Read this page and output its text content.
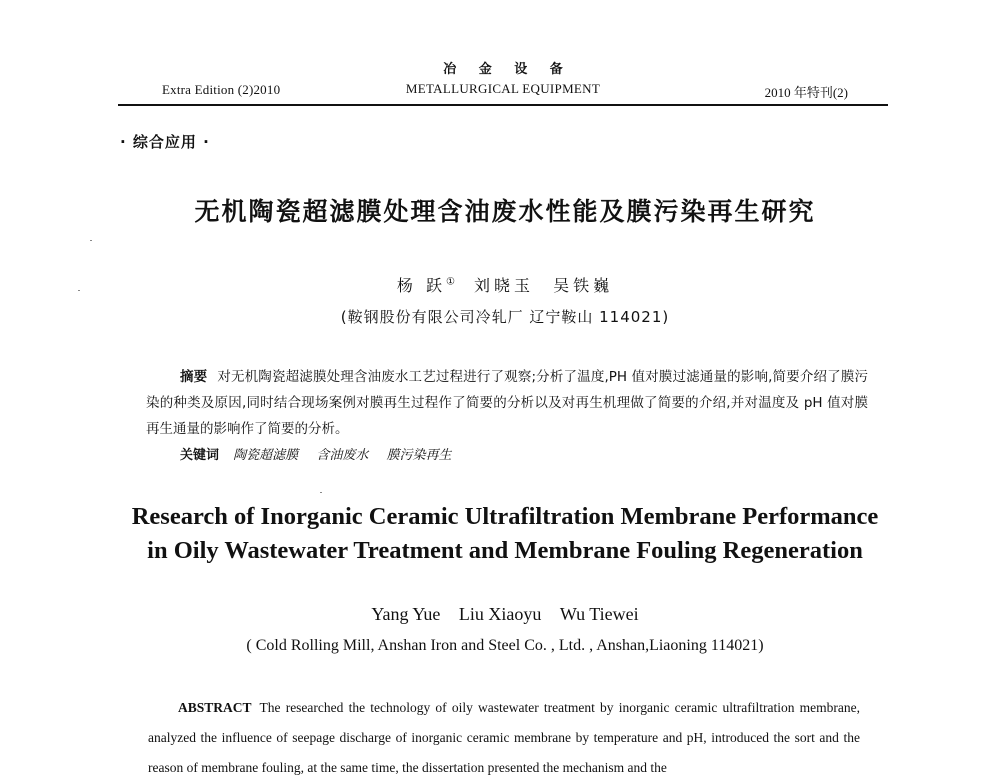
Extra Edition (2)2010
冶 金 设 备
METALLURGICAL EQUIPMENT	2010 年特刊(2)
· 综合应用 ·
无机陶瓷超滤膜处理含油废水性能及膜污染再生研究
杨 跃① 刘晓玉 吴铁巍
(鞍钢股份有限公司冷轧厂 辽宁鞍山 114021)
摘要 对无机陶瓷超滤膜处理含油废水工艺过程进行了观察;分析了温度,PH 值对膜过滤通量的影响,简要介绍了膜污染的种类及原因,同时结合现场案例对膜再生过程作了简要的分析以及对再生机理做了简要的介绍,并对温度及 pH 值对膜再生通量的影响作了简要的分析。
关键词 陶瓷超滤膜 含油废水 膜污染再生
Research of Inorganic Ceramic Ultrafiltration Membrane Performance
in Oily Wastewater Treatment and Membrane Fouling Regeneration
Yang Yue Liu Xiaoyu Wu Tiewei
( Cold Rolling Mill, Anshan Iron and Steel Co. , Ltd. , Anshan,Liaoning 114021)
ABSTRACT The researched the technology of oily wastewater treatment by inorganic ceramic ultrafiltration membrane, analyzed the influence of seepage discharge of inorganic ceramic membrane by temperature and pH, introduced the sort and the reason of membrane fouling, at the same time, the dissertation presented the mechanism and the
